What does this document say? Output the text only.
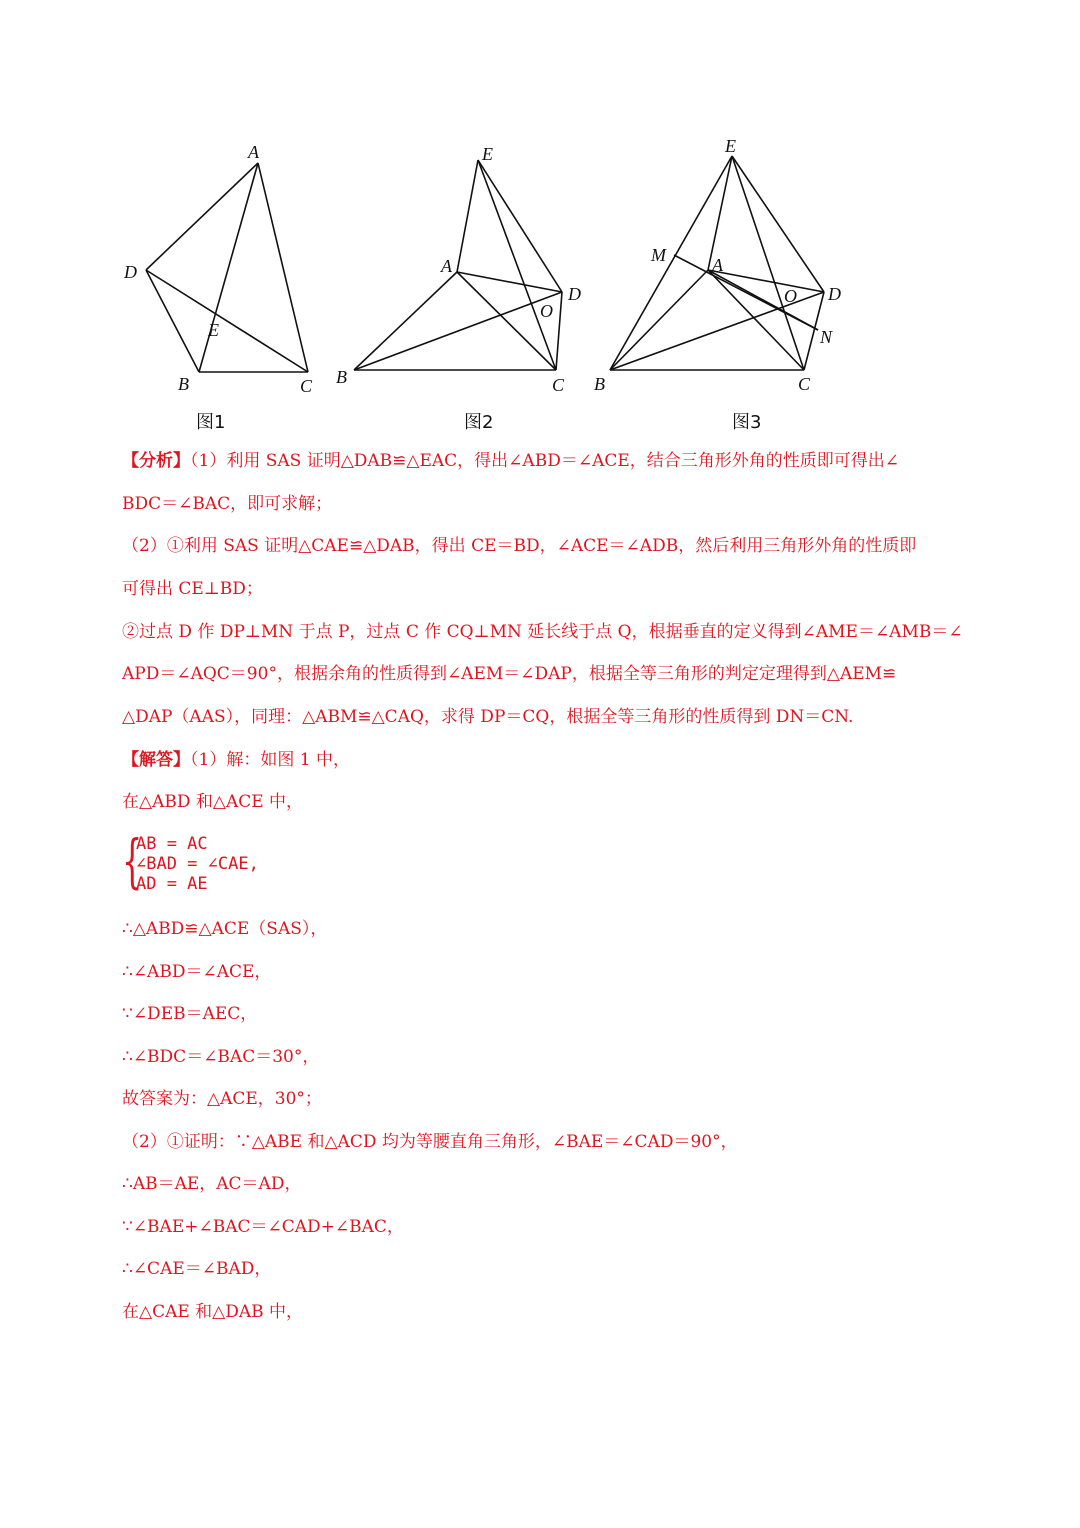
A
D
E
B	C
图1
E
A
D
O
B	C
图2
E
M	A
O D
N
B	C
图3
【分析】（1）利用 SAS 证明△DAB≌△EAC，得出∠ABD＝∠ACE，结合三角形外角的性质即可得出∠
BDC＝∠BAC，即可求解；
（2）①利用 SAS 证明△CAE≌△DAB，得出 CE＝BD，∠ACE＝∠ADB，然后利用三角形外角的性质即
可得出 CE⊥BD；
②过点 D 作 DP⊥MN 于点 P，过点 C 作 CQ⊥MN 延长线于点 Q，根据垂直的定义得到∠AME＝∠AMB＝∠
APD＝∠AQC＝90°，根据余角的性质得到∠AEM＝∠DAP，根据全等三角形的判定定理得到△AEM≌
△DAP（AAS），同理：△ABM≌△CAQ，求得 DP＝CQ，根据全等三角形的性质得到 DN＝CN.
【解答】（1）解：如图 1 中，
在△ABD 和△ACE 中，
{
AB = AC
∠BAD = ∠CAE,
AD = AE
∴△ABD≌△ACE（SAS），
∴∠ABD＝∠ACE，
∵∠DEB＝AEC，
∴∠BDC＝∠BAC＝30°，
故答案为：△ACE，30°；
（2）①证明：∵△ABE 和△ACD 均为等腰直角三角形，∠BAE＝∠CAD＝90°，
∴AB＝AE，AC＝AD，
∵∠BAE+∠BAC＝∠CAD+∠BAC，
∴∠CAE＝∠BAD，
在△CAE 和△DAB 中，
